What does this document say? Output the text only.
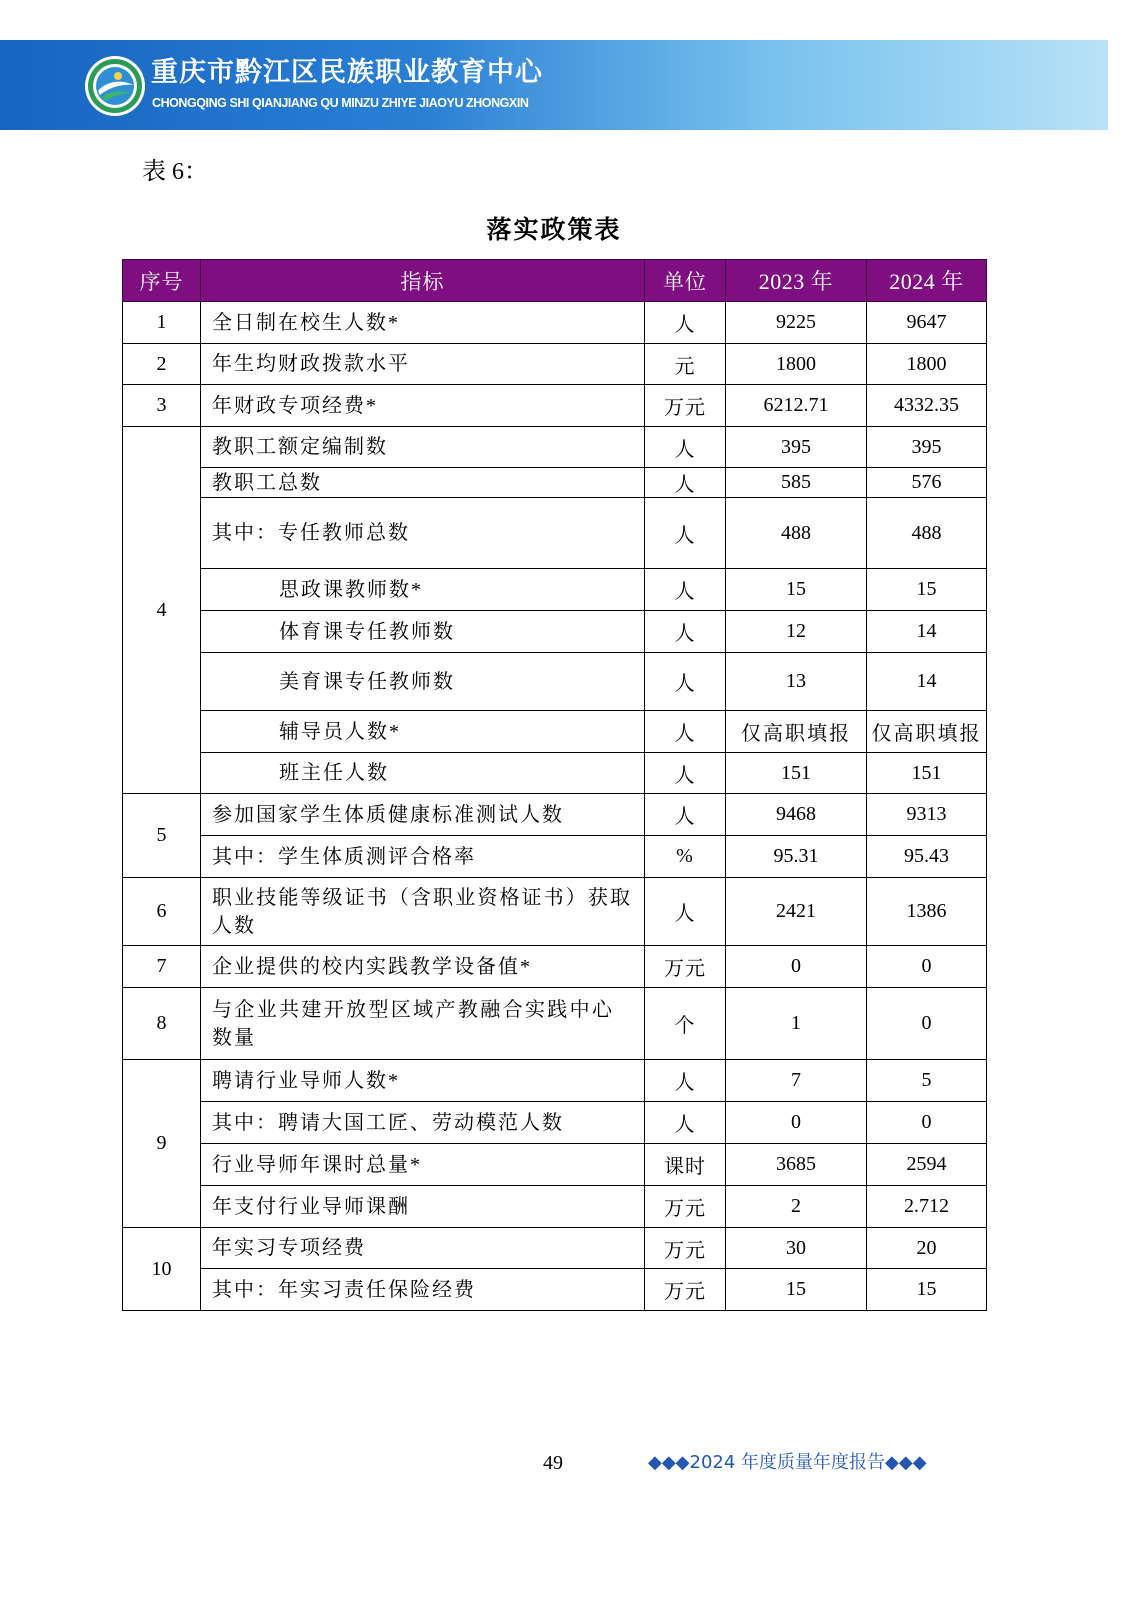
重庆市黔江区民族职业教育中心
CHONGQING SHI QIANJIANG QU MINZU ZHIYE JIAOYU ZHONGXIN
表 6：
落实政策表
序号	指标	单位	2023 年	2024 年
1	全日制在校生人数*	人	9225	9647
2	年生均财政拨款水平	元	1800	1800
3	年财政专项经费*	万元	6212.71	4332.35
4	教职工额定编制数	人	395	395
	教职工总数	人	585	576
	其中：专任教师总数	人	488	488
	思政课教师数*	人	15	15
	体育课专任教师数	人	12	14
	美育课专任教师数	人	13	14
	辅导员人数*	人	仅高职填报	仅高职填报
	班主任人数	人	151	151
5	参加国家学生体质健康标准测试人数	人	9468	9313
	其中：学生体质测评合格率	%	95.31	95.43
6	职业技能等级证书（含职业资格证书）获取人数	人	2421	1386
7	企业提供的校内实践教学设备值*	万元	0	0
8	与企业共建开放型区域产教融合实践中心数量	个	1	0
9	聘请行业导师人数*	人	7	5
	其中：聘请大国工匠、劳动模范人数	人	0	0
	行业导师年课时总量*	课时	3685	2594
	年支付行业导师课酬	万元	2	2.712
10	年实习专项经费	万元	30	20
	其中：年实习责任保险经费	万元	15	15
49	◆◆◆2024 年度质量年度报告◆◆◆
